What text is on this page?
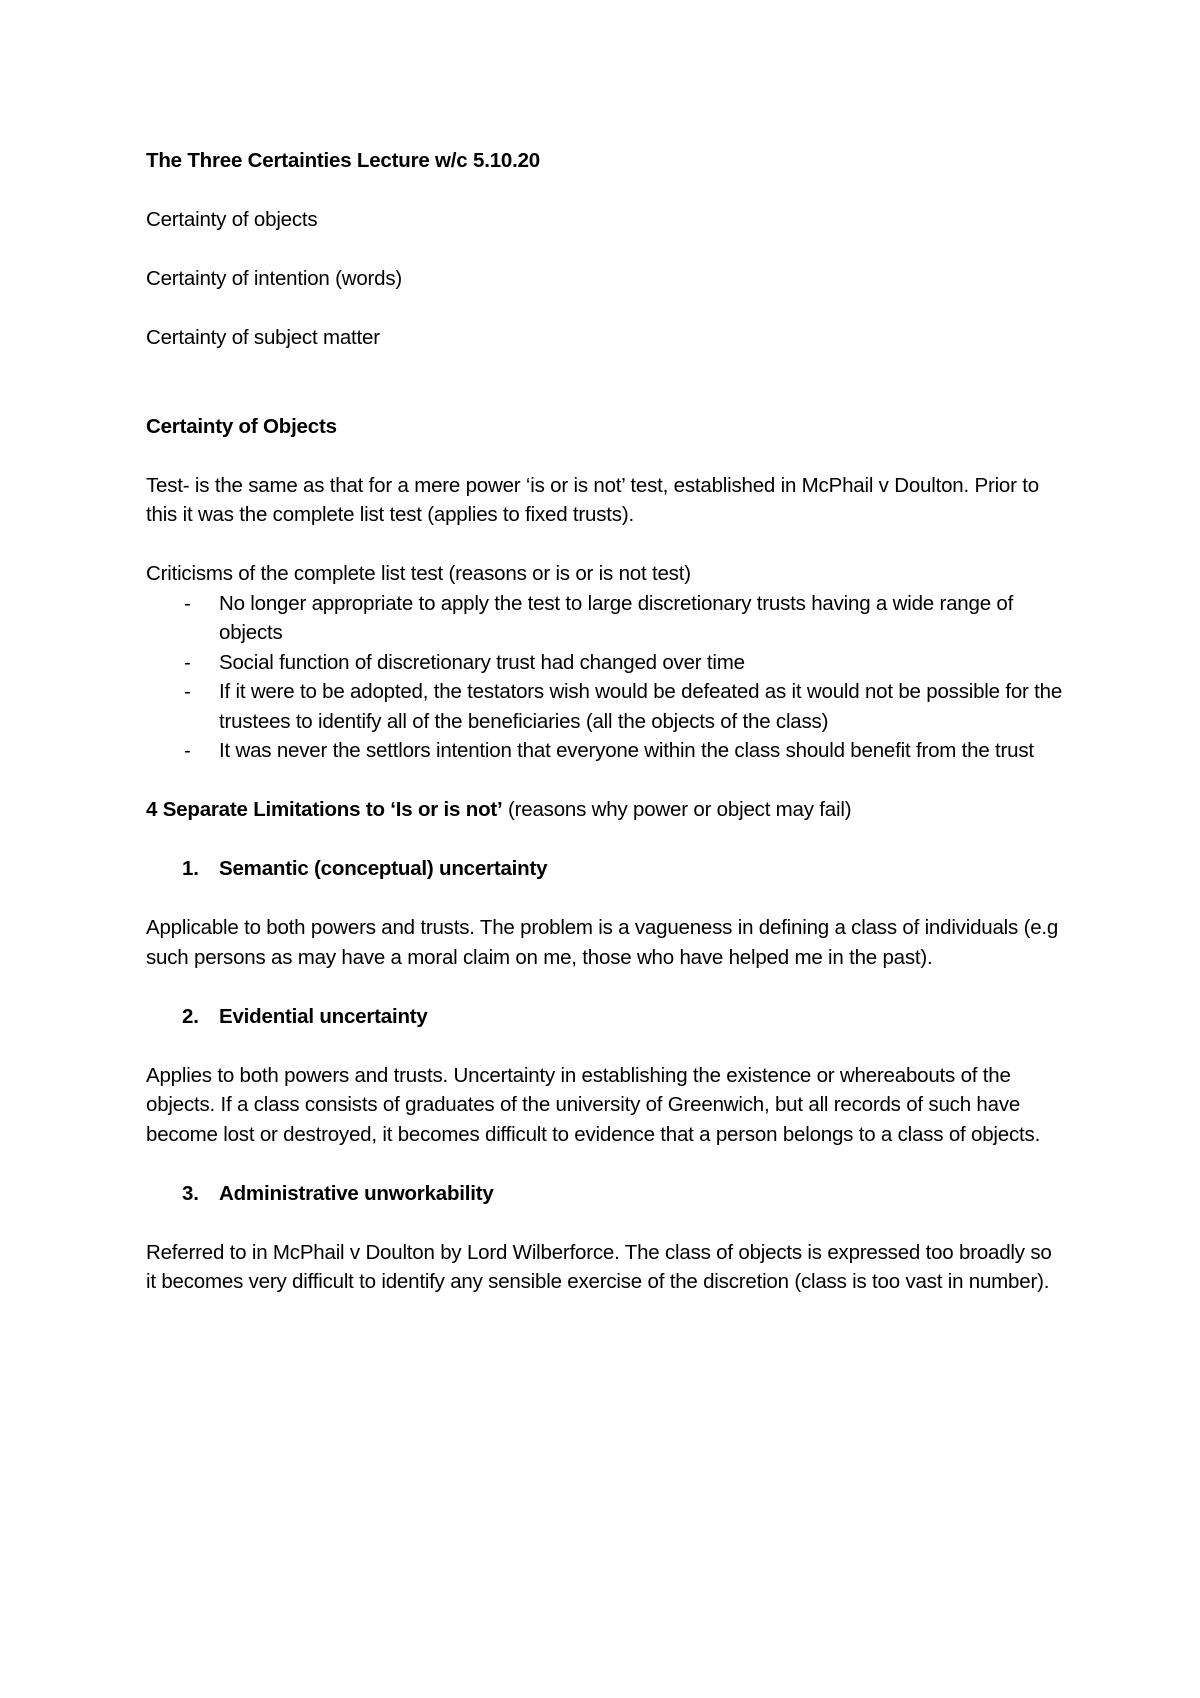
The Three Certainties Lecture w/c 5.10.20

Certainty of objects

Certainty of intention (words)

Certainty of subject matter

Certainty of Objects

Test- is the same as that for a mere power ‘is or is not’ test, established in McPhail v Doulton. Prior to this it was the complete list test (applies to fixed trusts).

Criticisms of the complete list test (reasons or is or is not test)

- No longer appropriate to apply the test to large discretionary trusts having a wide range of objects
- Social function of discretionary trust had changed over time
- If it were to be adopted, the testators wish would be defeated as it would not be possible for the trustees to identify all of the beneficiaries (all the objects of the class)
- It was never the settlors intention that everyone within the class should benefit from the trust

4 Separate Limitations to ‘Is or is not’ (reasons why power or object may fail)

1. Semantic (conceptual) uncertainty

Applicable to both powers and trusts. The problem is a vagueness in defining a class of individuals (e.g such persons as may have a moral claim on me, those who have helped me in the past).

2. Evidential uncertainty

Applies to both powers and trusts. Uncertainty in establishing the existence or whereabouts of the objects. If a class consists of graduates of the university of Greenwich, but all records of such have become lost or destroyed, it becomes difficult to evidence that a person belongs to a class of objects.

3. Administrative unworkability

Referred to in McPhail v Doulton by Lord Wilberforce. The class of objects is expressed too broadly so it becomes very difficult to identify any sensible exercise of the discretion (class is too vast in number).
